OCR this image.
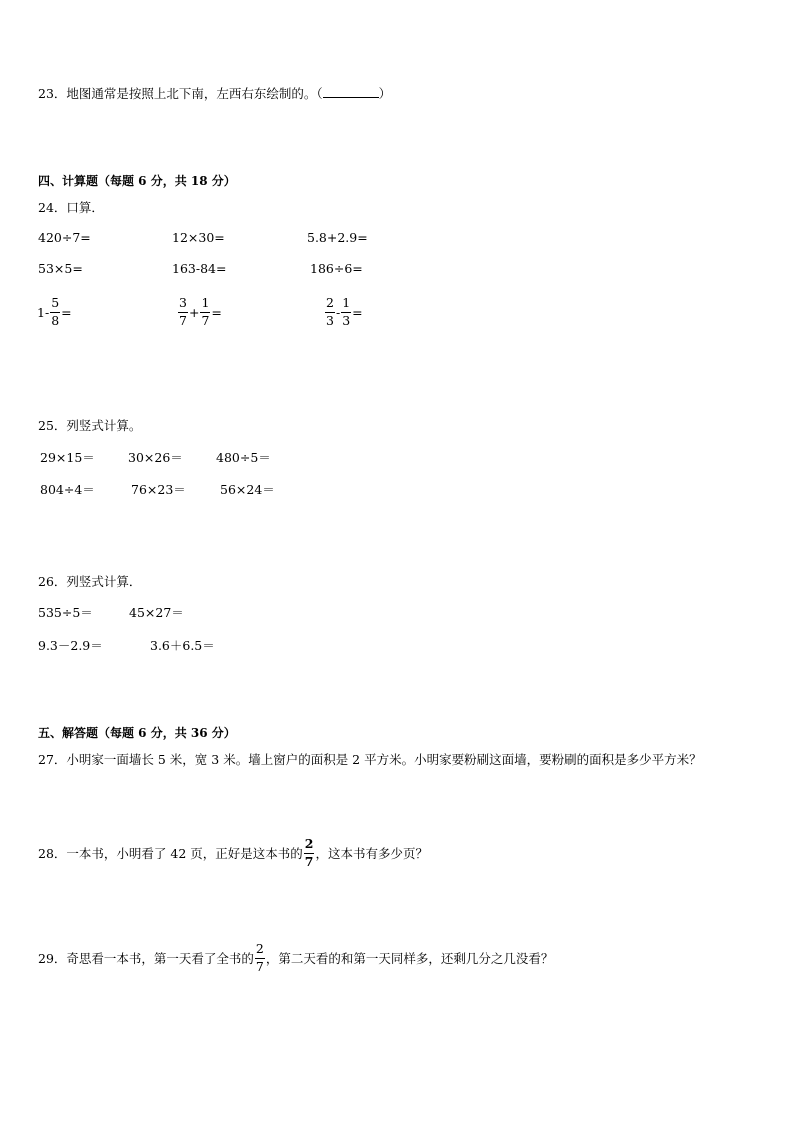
23．地图通常是按照上北下南，左西右东绘制的。（	）
四、计算题（每题 6 分，共 18 分）
24．口算．
420÷7=	12×30=	5.8+2.9=
53×5=	163-84=	186÷6=
$1- \frac{5}{8}$ =	$\frac{3}{7} + \frac{1}{7}$ =	$\frac{2}{3} - \frac{1}{3}$ =
25．列竖式计算。
29×15＝	30×26＝	480÷5＝
804÷4＝	76×23＝	56×24＝
26．列竖式计算．
535÷5＝	45×27＝
9.3－2.9＝	3.6＋6.5＝
五、解答题（每题 6 分，共 36 分）
27．小明家一面墙长 5 米，宽 3 米。墙上窗户的面积是 2 平方米。小明家要粉刷这面墙，要粉刷的面积是多少平方米？
28． 一本书，小明看了 42 页，正好是这本书的 $\frac{2}{7}$ ，这本书有多少页？
29． 奇思看一本书，第一天看了全书的 $\frac{2}{7}$ ，第二天看的和第一天同样多，还剩几分之几没看？
